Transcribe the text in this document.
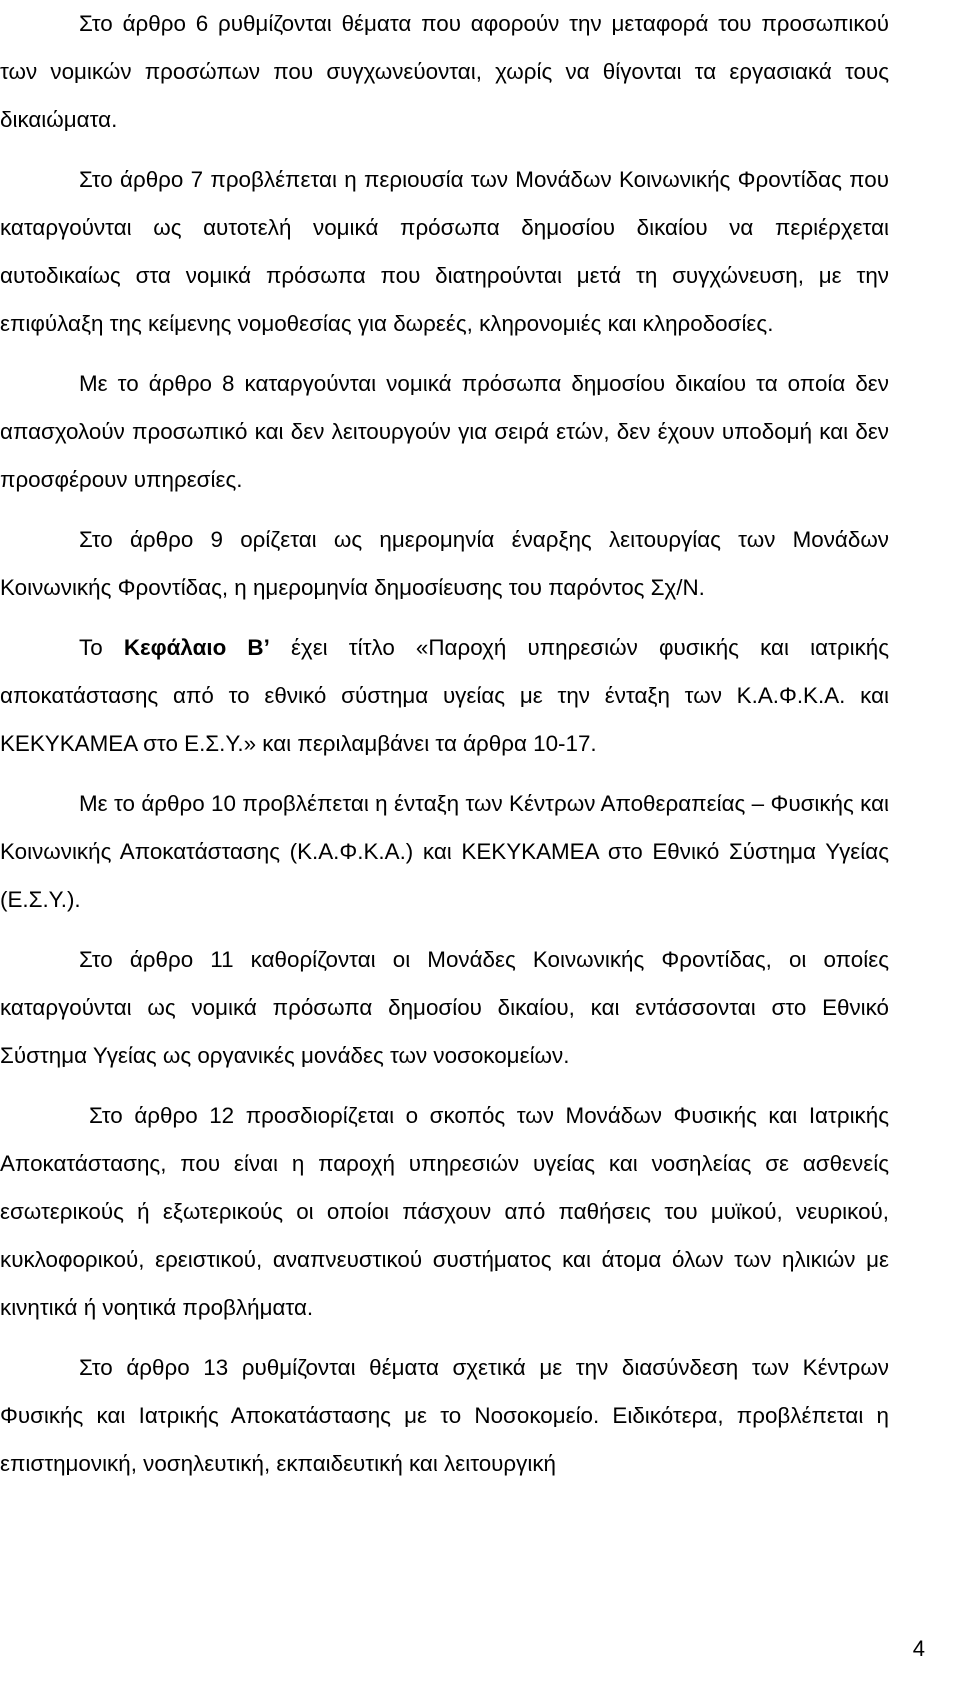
Στο άρθρο 6 ρυθμίζονται θέματα που αφορούν την μεταφορά του προσωπικού των νομικών προσώπων που συγχωνεύονται, χωρίς να θίγονται τα εργασιακά τους δικαιώματα.

Στο άρθρο 7 προβλέπεται η περιουσία των Μονάδων Κοινωνικής Φροντίδας που καταργούνται ως αυτοτελή νομικά πρόσωπα δημοσίου δικαίου να περιέρχεται αυτοδικαίως στα νομικά πρόσωπα που διατηρούνται μετά τη συγχώνευση, με την επιφύλαξη της κείμενης νομοθεσίας για δωρεές, κληρονομιές και κληροδοσίες.

Με το άρθρο 8 καταργούνται νομικά πρόσωπα δημοσίου δικαίου τα οποία δεν απασχολούν προσωπικό και δεν λειτουργούν για σειρά ετών, δεν έχουν υποδομή και δεν προσφέρουν υπηρεσίες.

Στο άρθρο 9 ορίζεται ως ημερομηνία έναρξης λειτουργίας των Μονάδων Κοινωνικής Φροντίδας, η ημερομηνία δημοσίευσης του παρόντος Σχ/Ν.

Το Κεφάλαιο Β’ έχει τίτλο «Παροχή υπηρεσιών φυσικής και ιατρικής αποκατάστασης από το εθνικό σύστημα υγείας με την ένταξη των Κ.Α.Φ.Κ.Α. και ΚΕΚΥΚΑΜΕΑ στο Ε.Σ.Υ.» και περιλαμβάνει τα άρθρα 10-17.

Με το άρθρο 10 προβλέπεται η ένταξη των Κέντρων Αποθεραπείας – Φυσικής και Κοινωνικής Αποκατάστασης (Κ.Α.Φ.Κ.Α.) και ΚΕΚΥΚΑΜΕΑ στο Εθνικό Σύστημα Υγείας (Ε.Σ.Υ.).

Στο άρθρο 11 καθορίζονται οι Μονάδες Κοινωνικής Φροντίδας, οι οποίες καταργούνται ως νομικά πρόσωπα δημοσίου δικαίου, και εντάσσονται στο Εθνικό Σύστημα Υγείας ως οργανικές μονάδες των νοσοκομείων.

Στο άρθρο 12 προσδιορίζεται ο σκοπός των Μονάδων Φυσικής και Ιατρικής Αποκατάστασης, που είναι η παροχή υπηρεσιών υγείας και νοσηλείας σε ασθενείς εσωτερικούς ή εξωτερικούς οι οποίοι πάσχουν από παθήσεις του μυϊκού, νευρικού, κυκλοφορικού, ερειστικού, αναπνευστικού συστήματος και άτομα όλων των ηλικιών με κινητικά ή νοητικά προβλήματα.

Στο άρθρο 13 ρυθμίζονται θέματα σχετικά με την διασύνδεση των Κέντρων Φυσικής και Ιατρικής Αποκατάστασης με το Νοσοκομείο. Ειδικότερα, προβλέπεται η επιστημονική, νοσηλευτική, εκπαιδευτική και λειτουργική

4
